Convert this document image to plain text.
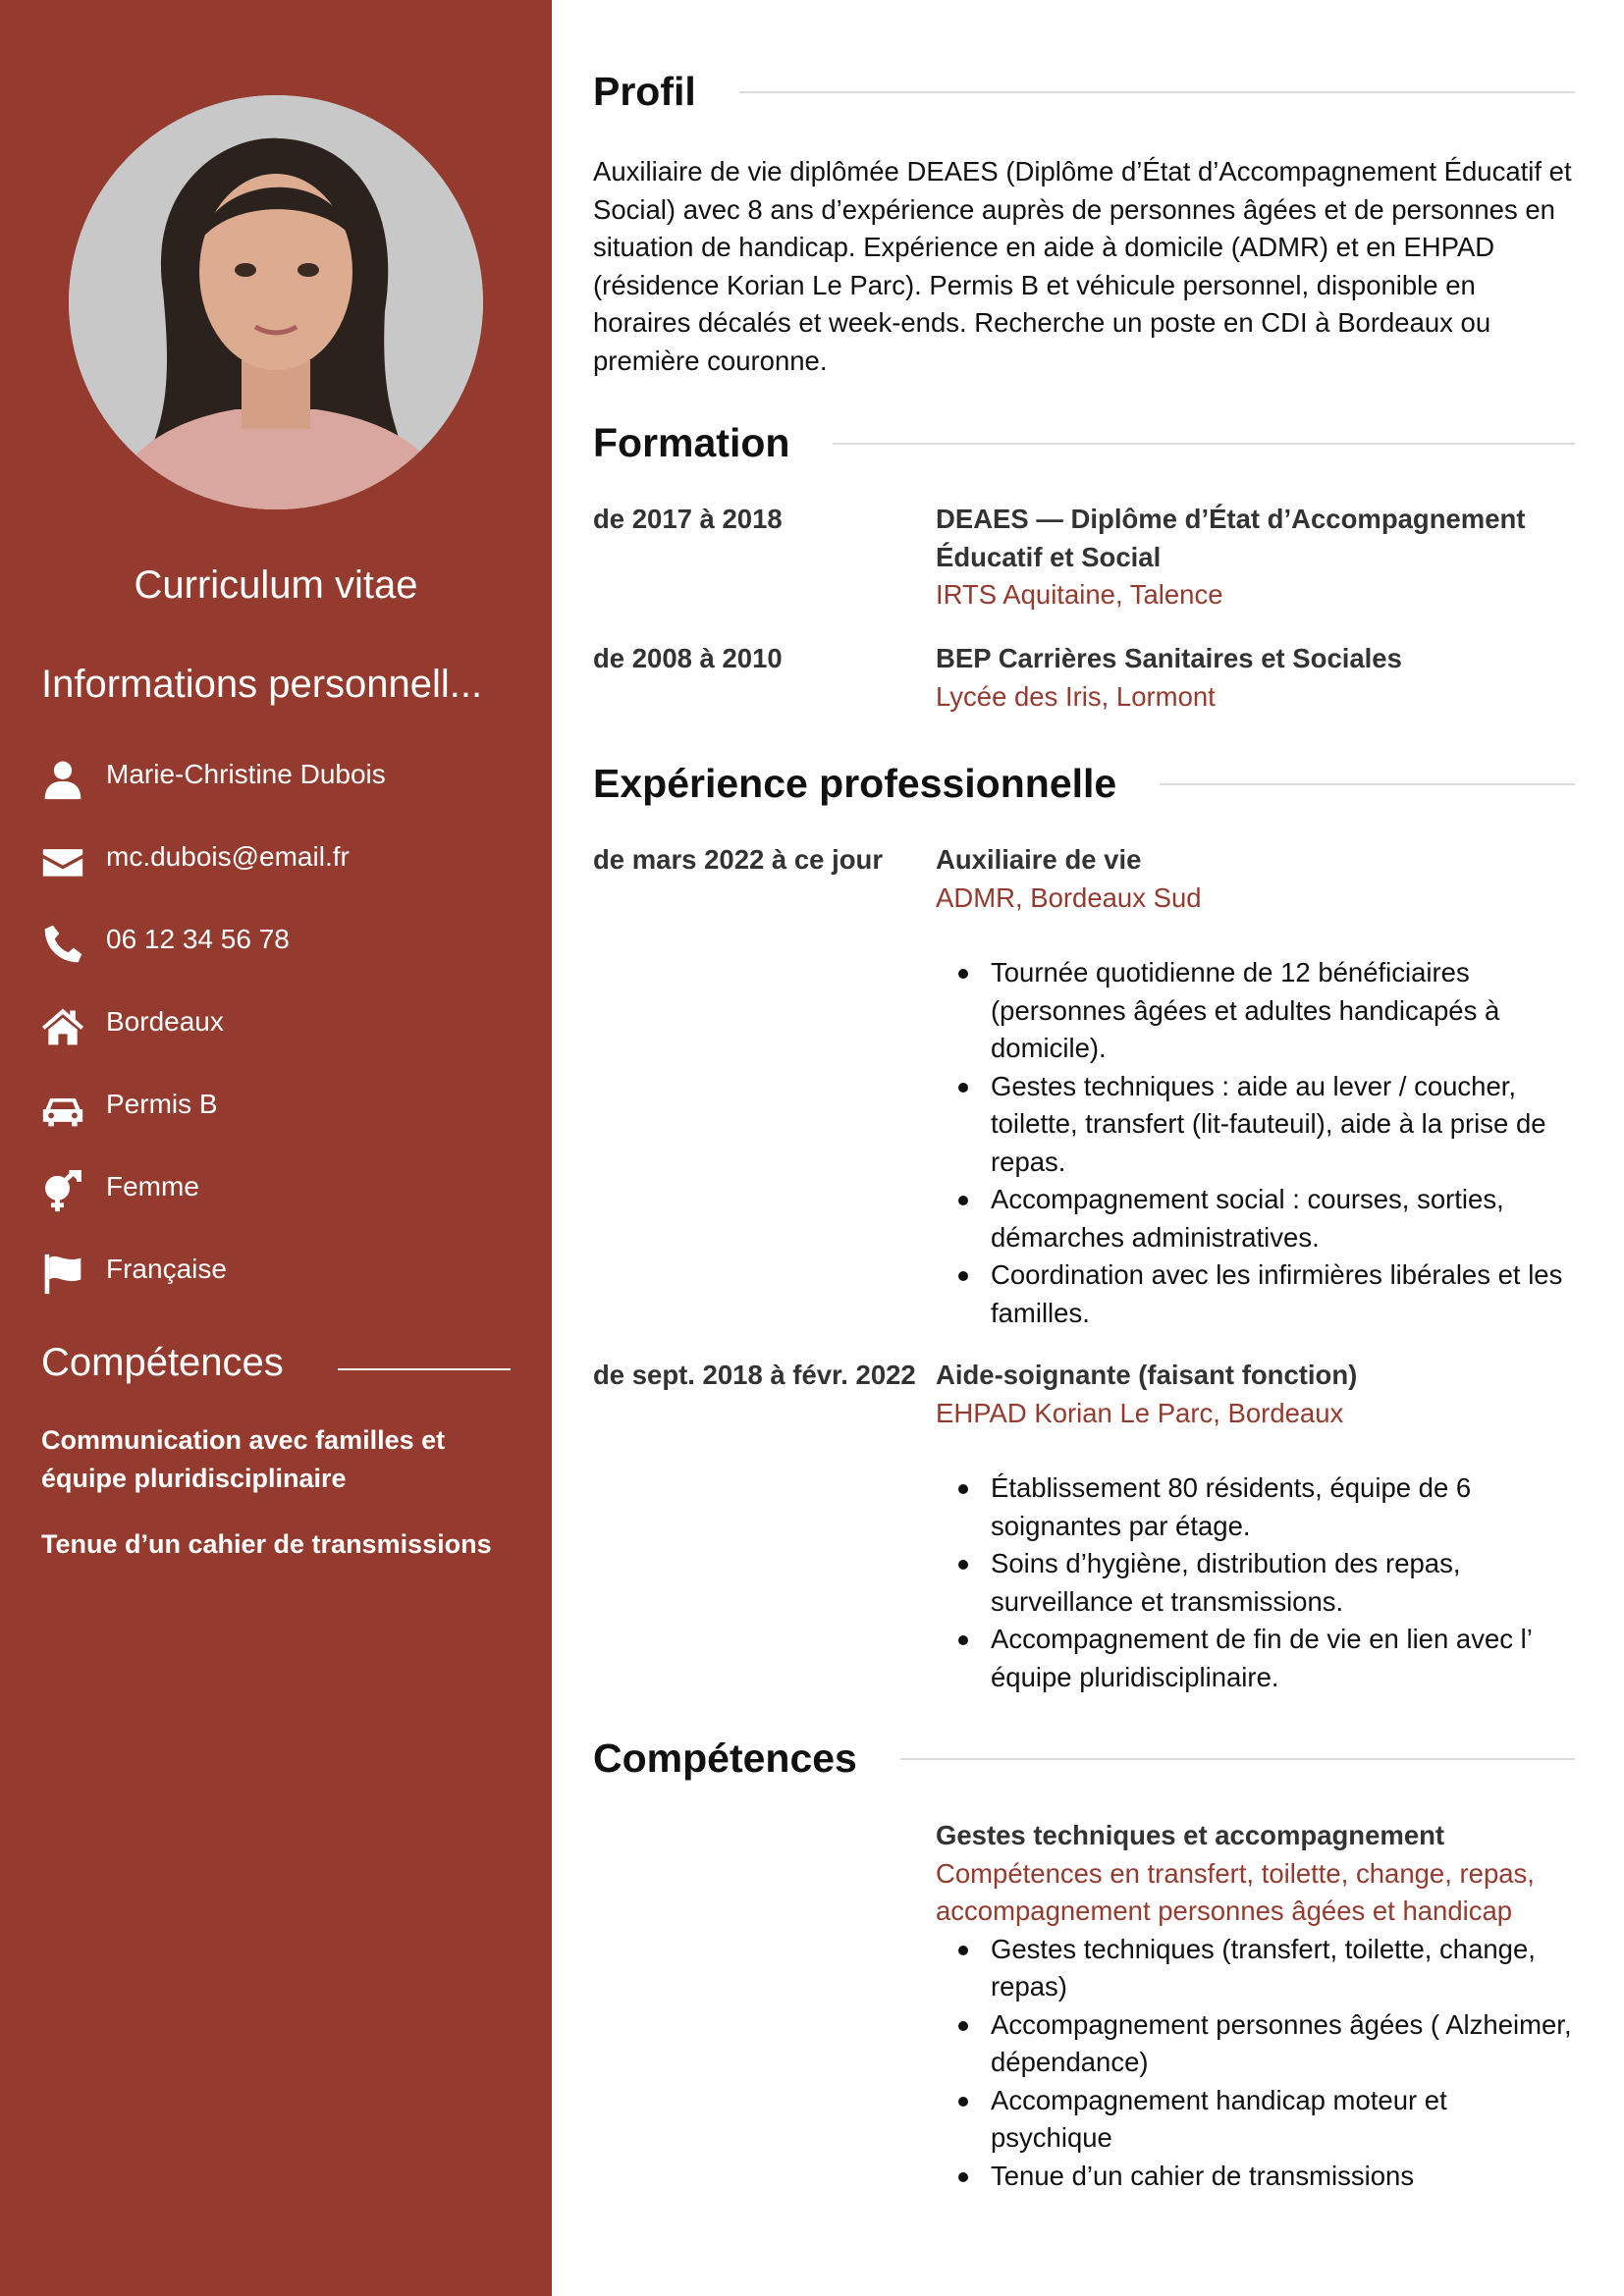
Curriculum vitae
Informations personnell...
Marie-Christine Dubois
mc.dubois@email.fr
06 12 34 56 78
Bordeaux
Permis B
Femme
Française
Compétences
Communication avec familles et équipe pluridisciplinaire
Tenue d’un cahier de transmissions
Profil

Auxiliaire de vie diplômée DEAES (Diplôme d’État d’Accompagnement Éducatif et Social) avec 8 ans d’expérience auprès de personnes âgées et de personnes en situation de handicap. Expérience en aide à domicile (ADMR) et en EHPAD (résidence Korian Le Parc). Permis B et véhicule personnel, disponible en horaires décalés et week-ends. Recherche un poste en CDI à Bordeaux ou première couronne.

Formation
de 2017 à 2018	DEAES — Diplôme d’État d’Accompagnement Éducatif et Social
IRTS Aquitaine, Talence
de 2008 à 2010	BEP Carrières Sanitaires et Sociales
Lycée des Iris, Lormont
Expérience professionnelle
de mars 2022 à ce jour	Auxiliaire de vie
ADMR, Bordeaux Sud
Tournée quotidienne de 12 bénéficiaires (personnes âgées et adultes handicapés à domicile).
Gestes techniques : aide au lever / coucher, toilette, transfert (lit-fauteuil), aide à la prise de repas.
Accompagnement social : courses, sorties, démarches administratives.
Coordination avec les infirmières libérales et les familles.
de sept. 2018 à févr. 2022 Aide-soignante (faisant fonction)
EHPAD Korian Le Parc, Bordeaux
Établissement 80 résidents, équipe de 6 soignantes par étage.
Soins d’hygiène, distribution des repas, surveillance et transmissions.
Accompagnement de fin de vie en lien avec l’ équipe pluridisciplinaire.
Compétences
Gestes techniques et accompagnement
Compétences en transfert, toilette, change, repas, accompagnement personnes âgées et handicap
Gestes techniques (transfert, toilette, change, repas)
Accompagnement personnes âgées ( Alzheimer, dépendance)
Accompagnement handicap moteur et psychique
Tenue d’un cahier de transmissions
